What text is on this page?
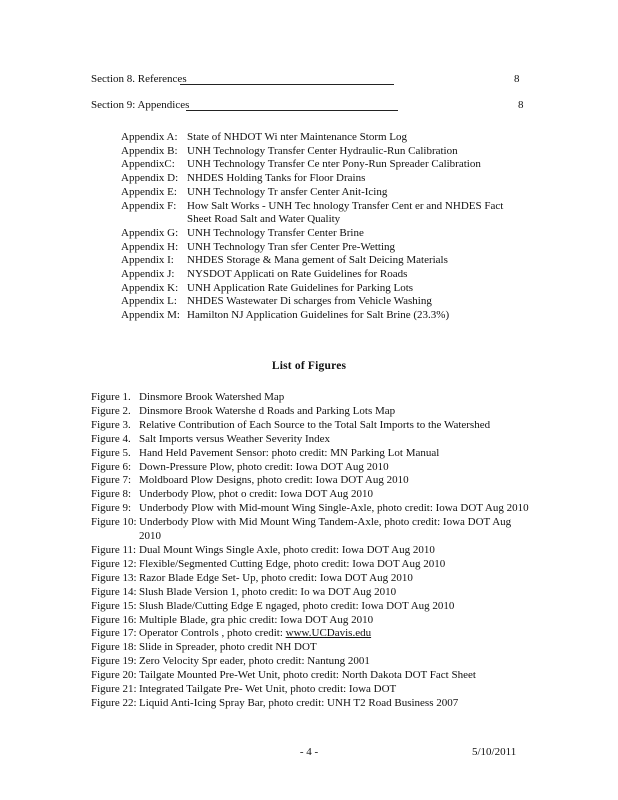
Section 8. References	8
Section 9: Appendices	8
Appendix A: State of NHDOT Wi nter Maintenance Storm Log
Appendix B: UNH Technology Transfer Center Hydraulic-Run Calibration
AppendixC:	UNH Technology Transfer Ce nter Pony-Run Spreader Calibration
Appendix D: NHDES Holding Tanks for Floor Drains
Appendix E: UNH Technology Tr ansfer Center Anit-Icing
Appendix F: How Salt Works - UNH Tec hnology Transfer Cent er and NHDES Fact Sheet Road Salt and Water Quality
Appendix G: UNH Technology Transfer Center Brine
Appendix H: UNH Technology Tran sfer Center Pre-Wetting
Appendix I:	NHDES Storage & Mana gement of Salt Deicing Materials
Appendix J:	NYSDOT Applicati on Rate Guidelines for Roads
Appendix K: UNH Application Rate Guidelines for Parking Lots
Appendix L: NHDES Wastewater Di scharges from Vehicle Washing
Appendix M: Hamilton NJ Application Guidelines for Salt Brine (23.3%)
List of Figures
Figure 1. Dinsmore Brook Watershed Map
Figure 2. Dinsmore Brook Watershe d Roads and Parking Lots Map
Figure 3. Relative Contribution of Each Source to the Total Salt Imports to the Watershed
Figure 4. Salt Imports versus Weather Severity Index
Figure 5. Hand Held Pavement Sensor: photo credit: MN Parking Lot Manual
Figure 6: Down-Pressure Plow, photo credit: Iowa DOT Aug 2010
Figure 7: Moldboard Plow Designs, photo credit: Iowa DOT Aug 2010
Figure 8: Underbody Plow, phot o credit: Iowa DOT Aug 2010
Figure 9: Underbody Plow with Mid-mount Wing Single-Axle, photo credit: Iowa DOT Aug 2010
Figure 10: Underbody Plow with Mid Mount Wing Tandem-Axle, photo credit: Iowa DOT Aug 2010
Figure 11: Dual Mount Wings Single Axle, photo credit: Iowa DOT Aug 2010
Figure 12: Flexible/Segmented Cutting Edge, photo credit: Iowa DOT Aug 2010
Figure 13: Razor Blade Edge Set- Up, photo credit: Iowa DOT Aug 2010
Figure 14: Slush Blade Version 1, photo credit: Io wa DOT Aug 2010
Figure 15: Slush Blade/Cutting Edge E ngaged, photo credit: Iowa DOT Aug 2010
Figure 16: Multiple Blade, gra phic credit: Iowa DOT Aug 2010
Figure 17: Operator Controls , photo credit: www.UCDavis.edu
Figure 18: Slide in Spreader, photo credit NH DOT
Figure 19: Zero Velocity Spr eader, photo credit: Nantung 2001
Figure 20: Tailgate Mounted Pre-Wet Unit, photo credit: North Dakota DOT Fact Sheet
Figure 21: Integrated Tailgate Pre- Wet Unit, photo credit: Iowa DOT
Figure 22: Liquid Anti-Icing Spray Bar, photo credit: UNH T2 Road Business 2007
- 4 -	5/10/2011
